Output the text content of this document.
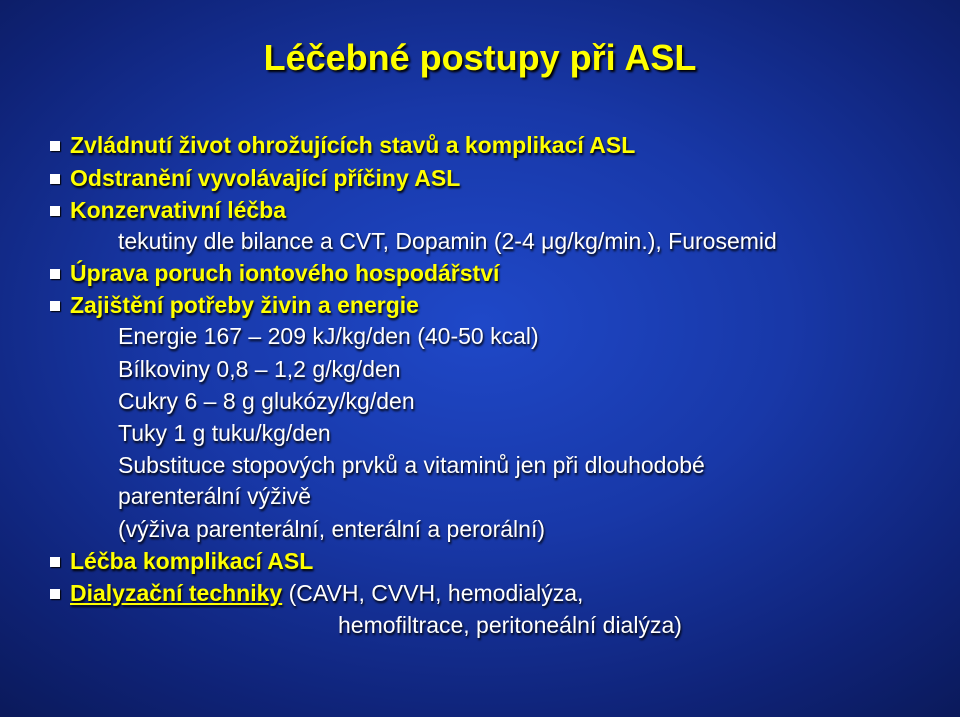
Léčebné postupy při ASL
Zvládnutí život ohrožujících stavů a komplikací ASL
Odstranění vyvolávající příčiny ASL
Konzervativní léčba
tekutiny dle bilance a CVT, Dopamin (2-4 μg/kg/min.), Furosemid
Úprava poruch iontového hospodářství
Zajištění potřeby živin a energie
Energie 167 – 209 kJ/kg/den (40-50 kcal)
Bílkoviny 0,8 – 1,2 g/kg/den
Cukry 6 – 8 g glukózy/kg/den
Tuky 1 g tuku/kg/den
Substituce stopových prvků a vitaminů jen při dlouhodobé
parenterální výživě
(výživa parenterální, enterální a perorální)
Léčba komplikací ASL
Dialyzační techniky (CAVH, CVVH, hemodialýza,
hemofiltrace, peritoneální dialýza)
